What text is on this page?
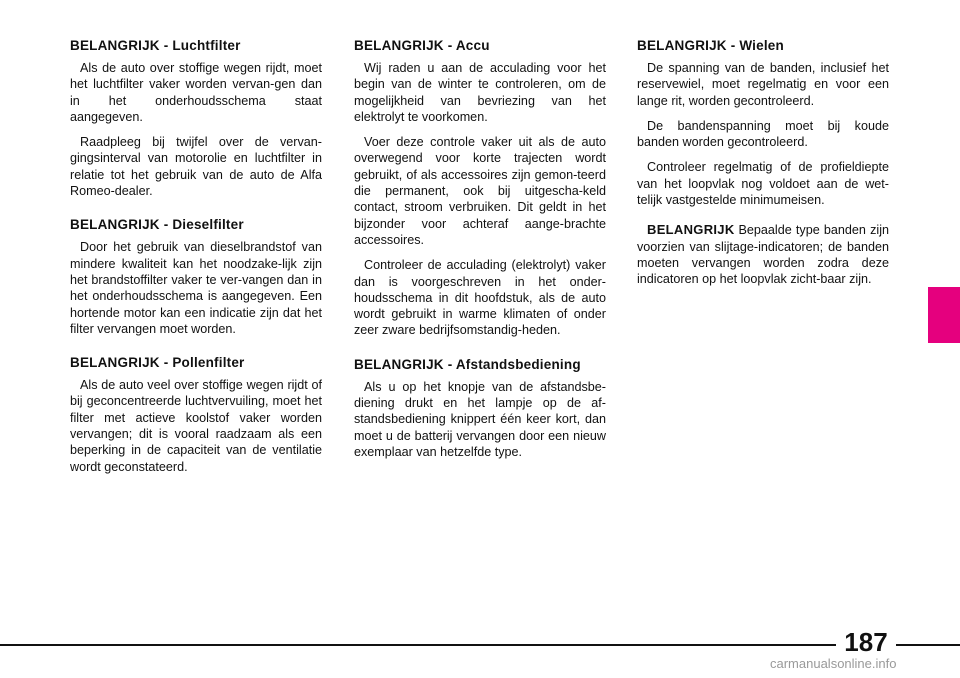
BELANGRIJK - Luchtfilter

Als de auto over stoffige wegen rijdt, moet het luchtfilter vaker worden vervan-gen dan in het onderhoudsschema staat aangegeven.

Raadpleeg bij twijfel over de vervan-gingsinterval van motorolie en luchtfilter in relatie tot het gebruik van de auto de Alfa Romeo-dealer.

BELANGRIJK - Dieselfilter

Door het gebruik van dieselbrandstof van mindere kwaliteit kan het noodzake-lijk zijn het brandstoffilter vaker te ver-vangen dan in het onderhoudsschema is aangegeven. Een hortende motor kan een indicatie zijn dat het filter vervangen moet worden.

BELANGRIJK - Pollenfilter

Als de auto veel over stoffige wegen rijdt of bij geconcentreerde luchtvervuiling, moet het filter met actieve koolstof vaker worden vervangen; dit is vooral raadzaam als een beperking in de capaciteit van de ventilatie wordt geconstateerd.

BELANGRIJK - Accu

Wij raden u aan de acculading voor het begin van de winter te controleren, om de mogelijkheid van bevriezing van het elektrolyt te voorkomen.

Voer deze controle vaker uit als de auto overwegend voor korte trajecten wordt gebruikt, of als accessoires zijn gemon-teerd die permanent, ook bij uitgescha-keld contact, stroom verbruiken. Dit geldt in het bijzonder voor achteraf aange-brachte accessoires.

Controleer de acculading (elektrolyt) vaker dan is voorgeschreven in het onder-houdsschema in dit hoofdstuk, als de auto wordt gebruikt in warme klimaten of onder zeer zware bedrijfsomstandig-heden.

BELANGRIJK - Afstandsbediening

Als u op het knopje van de afstandsbe-diening drukt en het lampje op de af-standsbediening knippert één keer kort, dan moet u de batterij vervangen door een nieuw exemplaar van hetzelfde type.

BELANGRIJK - Wielen

De spanning van de banden, inclusief het reservewiel, moet regelmatig en voor een lange rit, worden gecontroleerd.

De bandenspanning moet bij koude banden worden gecontroleerd.

Controleer regelmatig of de profieldiepte van het loopvlak nog voldoet aan de wet-telijk vastgestelde minimumeisen.

BELANGRIJK Bepaalde type banden zijn voorzien van slijtage-indicatoren; de banden moeten vervangen worden zodra deze indicatoren op het loopvlak zicht-baar zijn.

187
carmanualsonline.info
